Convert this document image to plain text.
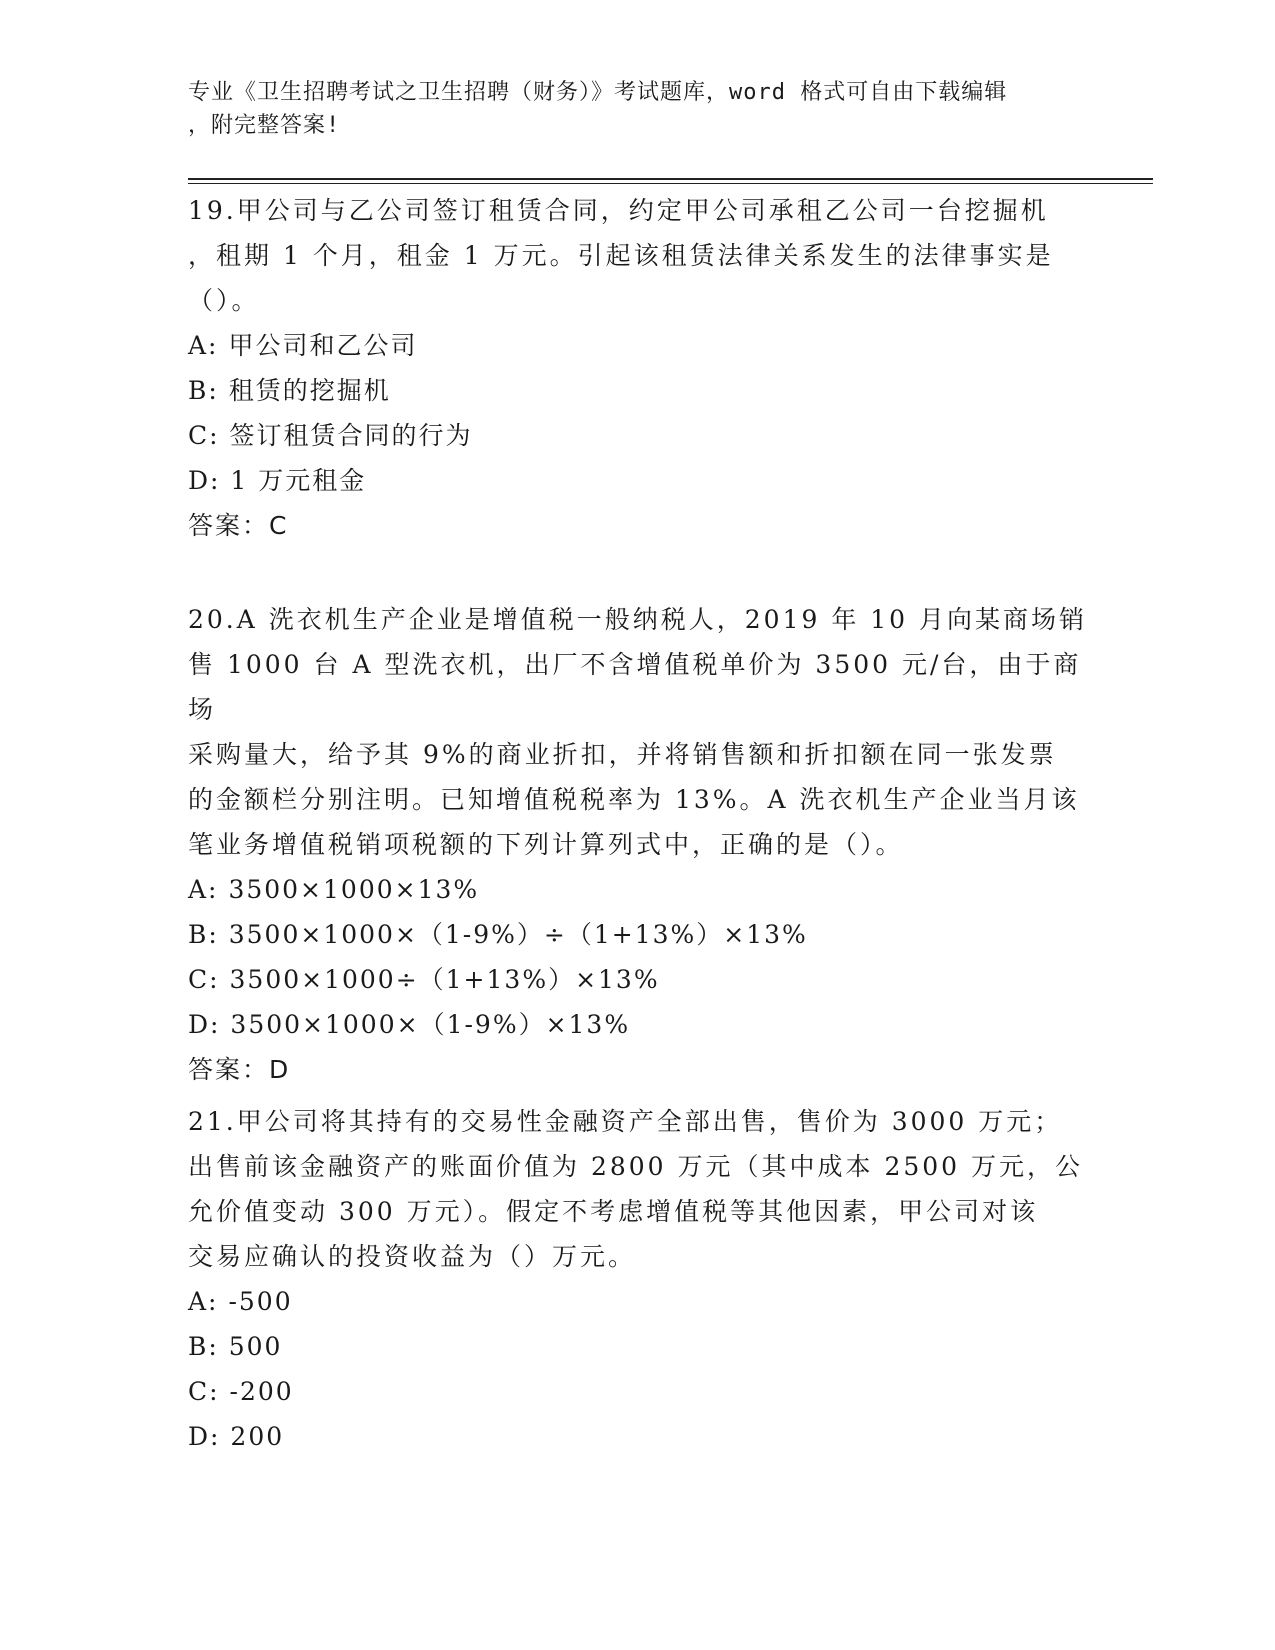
专业《卫生招聘考试之卫生招聘（财务）》考试题库，word 格式可自由下载编辑
，附完整答案!

19.甲公司与乙公司签订租赁合同，约定甲公司承租乙公司一台挖掘机

，租期 1 个月，租金 1 万元。引起该租赁法律关系发生的法律事实是

（）。

A:
甲公司和乙公司

B:
租赁的挖掘机

C:
签订租赁合同的行为

D:
1 万元租金

答案：C

20.A 洗衣机生产企业是增值税一般纳税人，2019 年 10 月向某商场销

售 1000 台 A 型洗衣机，出厂不含增值税单价为 3500 元/台，由于商场

采购量大，给予其 9%的商业折扣，并将销售额和折扣额在同一张发票

的金额栏分别注明。已知增值税税率为 13%。A 洗衣机生产企业当月该

笔业务增值税销项税额的下列计算列式中，正确的是（）。

A:
3500×1000×13%

B:
3500×1000×（1-9%）÷（1+13%）×13%

C:
3500×1000÷（1+13%）×13%

D:
3500×1000×（1-9%）×13%

答案：D

21.甲公司将其持有的交易性金融资产全部出售，售价为 3000 万元；

出售前该金融资产的账面价值为 2800 万元（其中成本 2500 万元，公

允价值变动 300 万元）。假定不考虑增值税等其他因素，甲公司对该

交易应确认的投资收益为（）万元。

A:
-500

B:
500

C:
-200

D:
200
